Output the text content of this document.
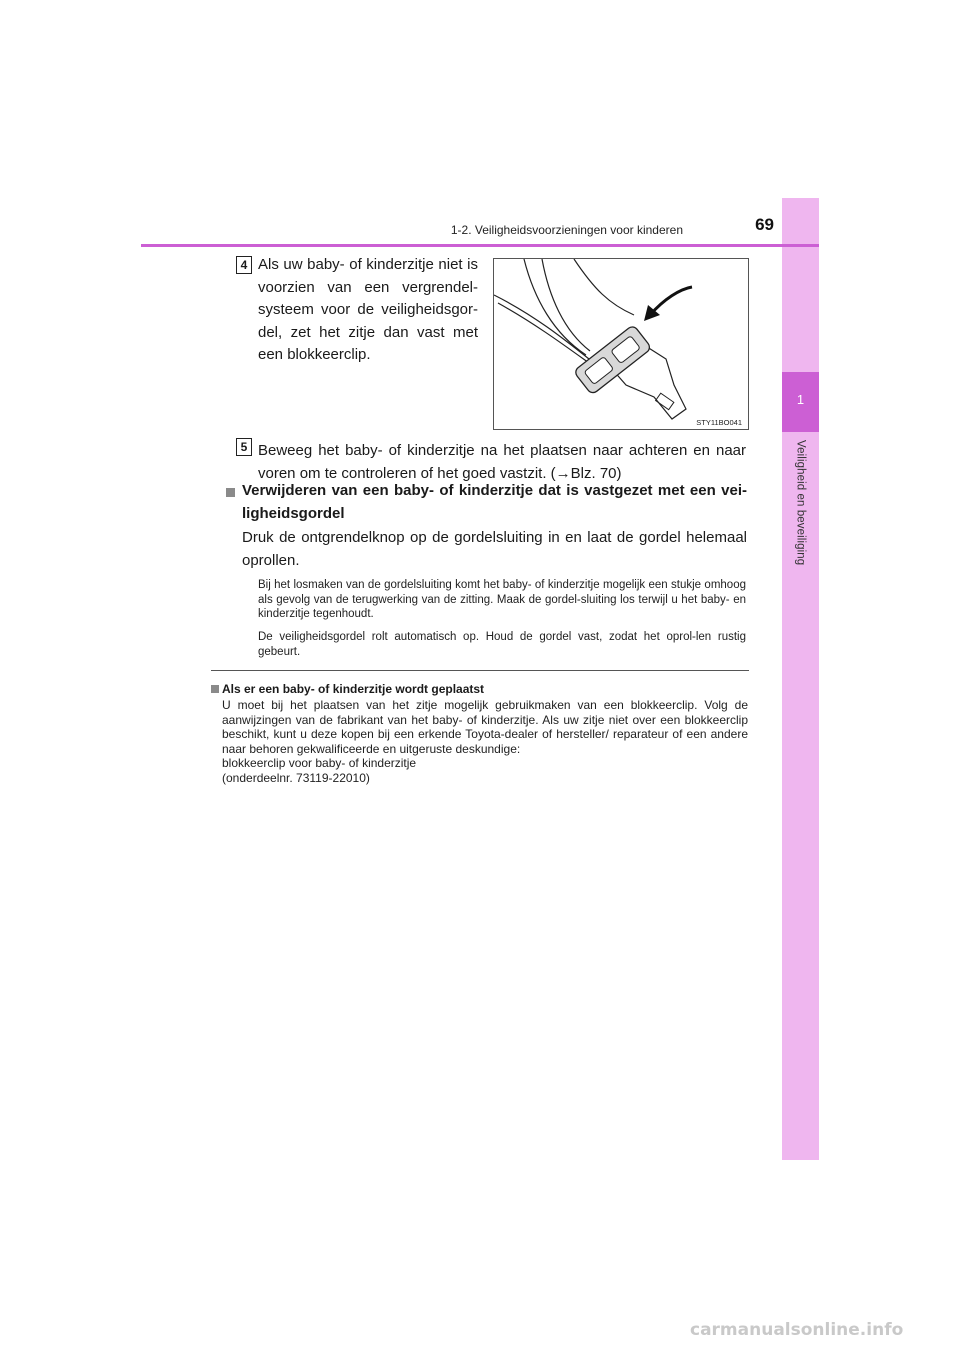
1
Veiligheid en beveiliging
1-2. Veiligheidsvoorzieningen voor kinderen	69
4 Als uw baby- of kinderzitje niet is voorzien van een vergrendel-systeem voor de veiligheidsgor-del, zet het zitje dan vast met een blokkeerclip.
STY11BO041
5 Beweeg het baby- of kinderzitje na het plaatsen naar achteren en naar voren om te controleren of het goed vastzit. (→Blz. 70)
Verwijderen van een baby- of kinderzitje dat is vastgezet met een vei-ligheidsgordel
Druk de ontgrendelknop op de gordelsluiting in en laat de gordel helemaal oprollen.
Bij het losmaken van de gordelsluiting komt het baby- of kinderzitje mogelijk een stukje omhoog als gevolg van de terugwerking van de zitting. Maak de gordel-sluiting los terwijl u het baby- en kinderzitje tegenhoudt.
De veiligheidsgordel rolt automatisch op. Houd de gordel vast, zodat het oprol-len rustig gebeurt.
Als er een baby- of kinderzitje wordt geplaatst
U moet bij het plaatsen van het zitje mogelijk gebruikmaken van een blokkeerclip. Volg de aanwijzingen van de fabrikant van het baby- of kinderzitje. Als uw zitje niet over een blokkeerclip beschikt, kunt u deze kopen bij een erkende Toyota-dealer of hersteller/ reparateur of een andere naar behoren gekwalificeerde en uitgeruste deskundige:
blokkeerclip voor baby- of kinderzitje
(onderdeelnr. 73119-22010)
carmanualsonline.info
